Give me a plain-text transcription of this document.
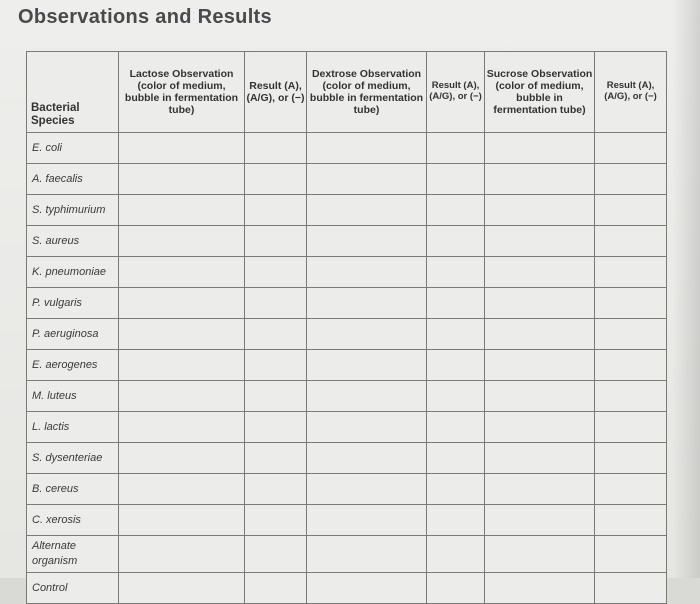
Observations and Results
Bacterial Species	Lactose Observation (color of medium, bubble in fermentation tube)	Result (A), (A/G), or (−)	Dextrose Observation (color of medium, bubble in fermentation tube)	Result (A), (A/G), or (−)	Sucrose Observation (color of medium, bubble in fermentation tube)	Result (A), (A/G), or (−)
E. coli						
A. faecalis						
S. typhimurium						
S. aureus						
K. pneumoniae						
P. vulgaris						
P. aeruginosa						
E. aerogenes						
M. luteus						
L. lactis						
S. dysenteriae						
B. cereus						
C. xerosis						
Alternate organism						
Control						
